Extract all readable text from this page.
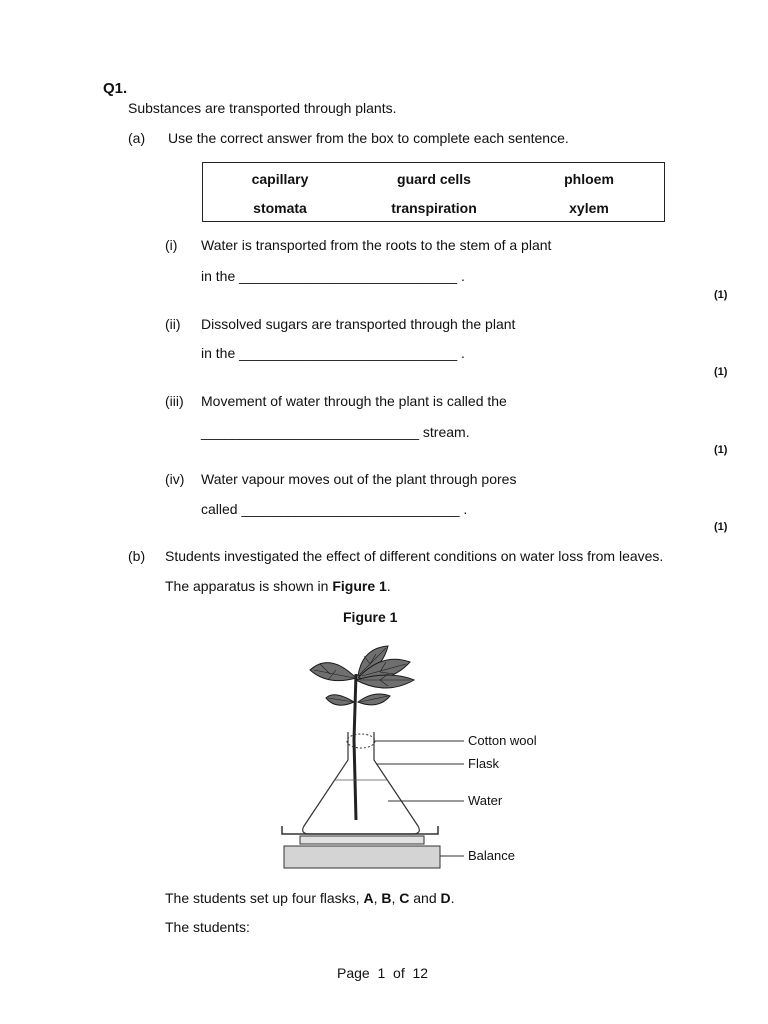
Q1.
Substances are transported through plants.
(a) Use the correct answer from the box to complete each sentence.
capillary	guard cells	phloem
stomata	transpiration	xylem
(i) Water is transported from the roots to the stem of a plant
in the ____________________________ .
(1)
(ii) Dissolved sugars are transported through the plant
in the ____________________________ .
(1)
(iii) Movement of water through the plant is called the
____________________________ stream.
(1)
(iv) Water vapour moves out of the plant through pores
called ____________________________ .
(1)
(b) Students investigated the effect of different conditions on water loss from leaves.
The apparatus is shown in Figure 1.
Figure 1
Cotton wool
Flask
Water
Balance
The students set up four flasks, A, B, C and D.
The students:
Page  1  of  12
